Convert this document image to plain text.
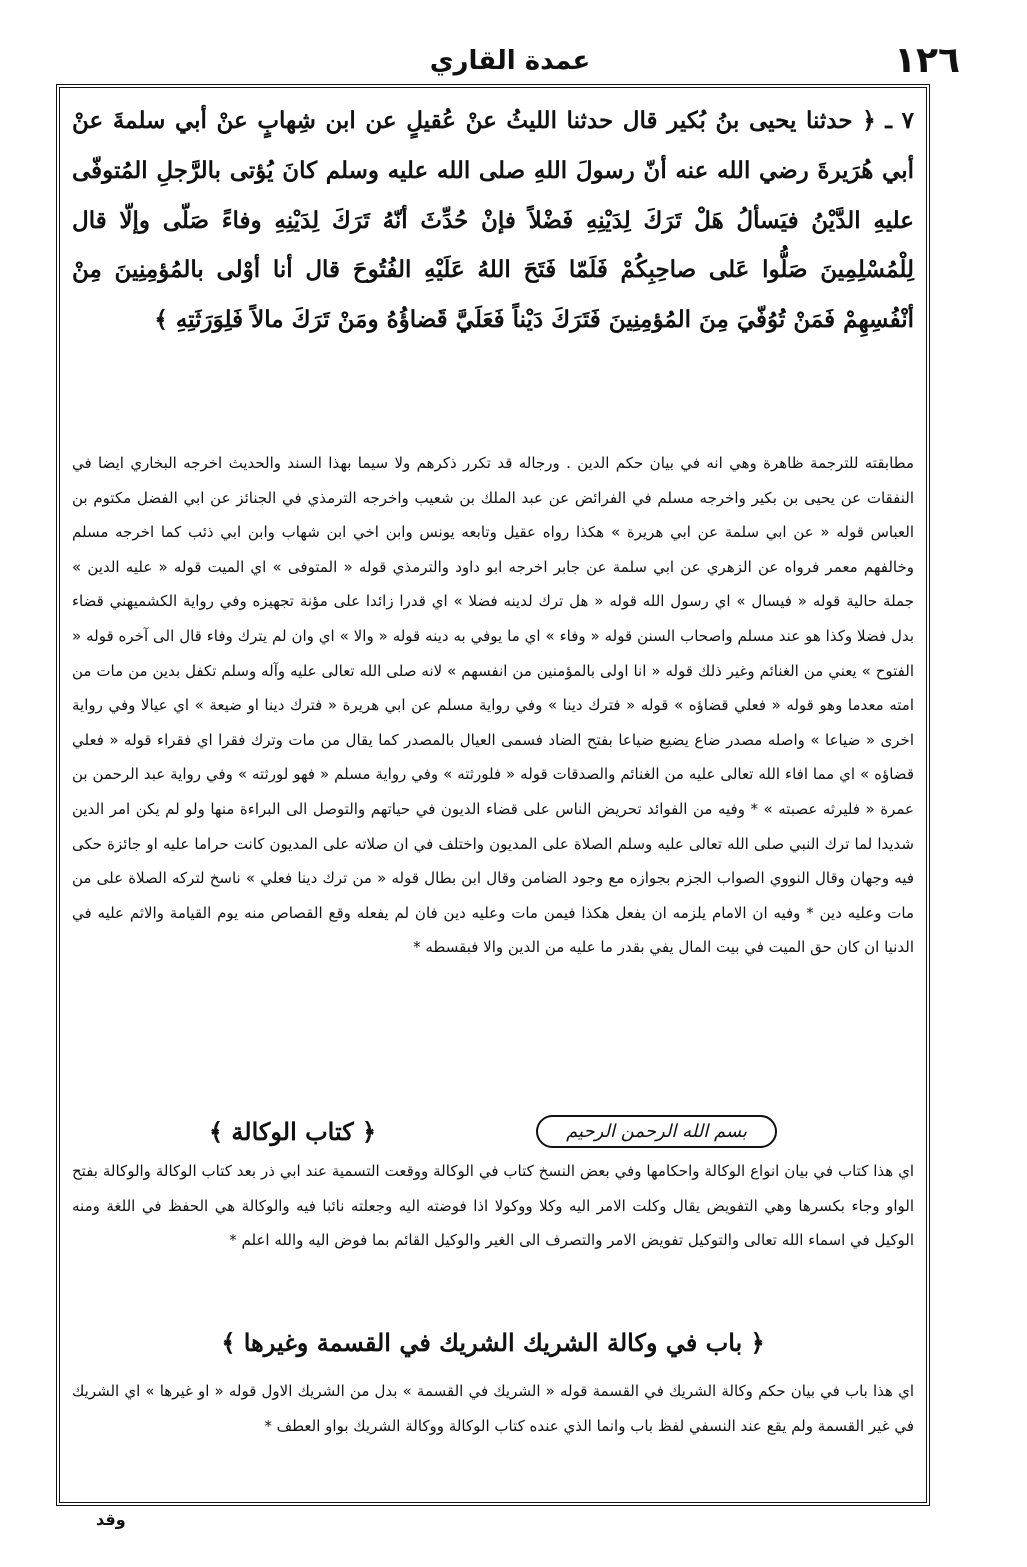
عمدة القاري	١٢٦

٧ ـ ﴿ حدثنا يحيى بنُ بُكير قال حدثنا الليثُ عنْ عُقيلٍ عن ابن شِهابٍ عنْ أبي سلمةَ عنْ أبي هُرَيرةَ رضي الله عنه أنّ رسولَ اللهِ صلى الله عليه وسلم كانَ يُؤتى بالرَّجلِ المُتوفّى عليهِ الدَّيْنُ فيَسألُ هَلْ تَرَكَ لِدَيْنِهِ فَضْلاً فإنْ حُدِّثَ أنّهُ تَرَكَ لِدَيْنِهِ وفاءً صَلّى وإلّا قال لِلْمُسْلِمِينَ صَلُّوا عَلى صاحِبِكُمْ فَلَمّا فَتَحَ اللهُ عَلَيْهِ الفُتُوحَ قال أنا أوْلى بالمُؤمِنِينَ مِنْ أنْفُسِهِمْ فَمَنْ تُوُفّيَ مِنَ المُؤمِنِينَ فَتَرَكَ دَيْناً فَعَلَيَّ قَضاؤُهُ ومَنْ تَرَكَ مالاً فَلِوَرَثَتِهِ ﴾

مطابقته للترجمة ظاهرة وهي انه في بيان حكم الدين . ورجاله قد تكرر ذكرهم ولا سيما بهذا السند والحديث اخرجه البخاري ايضا في النفقات عن يحيى بن بكير واخرجه مسلم في الفرائض عن عبد الملك بن شعيب واخرجه الترمذي في الجنائز عن ابي الفضل مكتوم بن العباس قوله « عن ابي سلمة عن ابي هريرة » هكذا رواه عقيل وتابعه يونس وابن اخي ابن شهاب وابن ابي ذئب كما اخرجه مسلم وخالفهم معمر فرواه عن الزهري عن ابي سلمة عن جابر اخرجه ابو داود والترمذي قوله « المتوفى » اي الميت قوله « عليه الدين » جملة حالية قوله « فيسال » اي رسول الله قوله « هل ترك لدينه فضلا » اي قدرا زائدا على مؤنة تجهيزه وفي رواية الكشميهني قضاء بدل فضلا وكذا هو عند مسلم واصحاب السنن قوله « وفاء » اي ما يوفي به دينه قوله « والا » اي وان لم يترك وفاء قال الى آخره قوله « الفتوح » يعني من الغنائم وغير ذلك قوله « انا اولى بالمؤمنين من انفسهم » لانه صلى الله تعالى عليه وآله وسلم تكفل بدين من مات من امته معدما وهو قوله « فعلي قضاؤه » قوله « فترك دينا » وفي رواية مسلم عن ابي هريرة « فترك دينا او ضيعة » اي عيالا وفي رواية اخرى « ضياعا » واصله مصدر ضاع يضيع ضياعا بفتح الضاد فسمى العيال بالمصدر كما يقال من مات وترك فقرا اي فقراء قوله « فعلي قضاؤه » اي مما افاء الله تعالى عليه من الغنائم والصدقات قوله « فلورثته » وفي رواية مسلم « فهو لورثته » وفي رواية عبد الرحمن بن عمرة « فليرثه عصبته » * وفيه من الفوائد تحريض الناس على قضاء الديون في حياتهم والتوصل الى البراءة منها ولو لم يكن امر الدين شديدا لما ترك النبي صلى الله تعالى عليه وسلم الصلاة على المديون واختلف في ان صلاته على المديون كانت حراما عليه او جائزة حكى فيه وجهان وقال النووي الصواب الجزم بجوازه مع وجود الضامن وقال ابن بطال قوله « من ترك دينا فعلي » ناسخ لتركه الصلاة على من مات وعليه دين * وفيه ان الامام يلزمه ان يفعل هكذا فيمن مات وعليه دين فان لم يفعله وقع القصاص منه يوم القيامة والاثم عليه في الدنيا ان كان حق الميت في بيت المال يفي بقدر ما عليه من الدين والا فبقسطه *

بسم الله الرحمن الرحيم
﴿ كتاب الوكالة ﴾

اي هذا كتاب في بيان انواع الوكالة واحكامها وفي بعض النسخ كتاب في الوكالة ووقعت التسمية عند ابي ذر بعد كتاب الوكالة والوكالة بفتح الواو وجاء بكسرها وهي التفويض يقال وكلت الامر اليه وكلا ووكولا اذا فوضته اليه وجعلته نائبا فيه والوكالة هي الحفظ في اللغة ومنه الوكيل في اسماء الله تعالى والتوكيل تفويض الامر والتصرف الى الغير والوكيل القائم بما فوض اليه والله اعلم *

﴿ باب في وكالة الشريك الشريك في القسمة وغيرها ﴾

اي هذا باب في بيان حكم وكالة الشريك في القسمة قوله « الشريك في القسمة » بدل من الشريك الاول قوله « او غيرها » اي الشريك في غير القسمة ولم يقع عند النسفي لفظ باب وانما الذي عنده كتاب الوكالة ووكالة الشريك بواو العطف *

وقد
